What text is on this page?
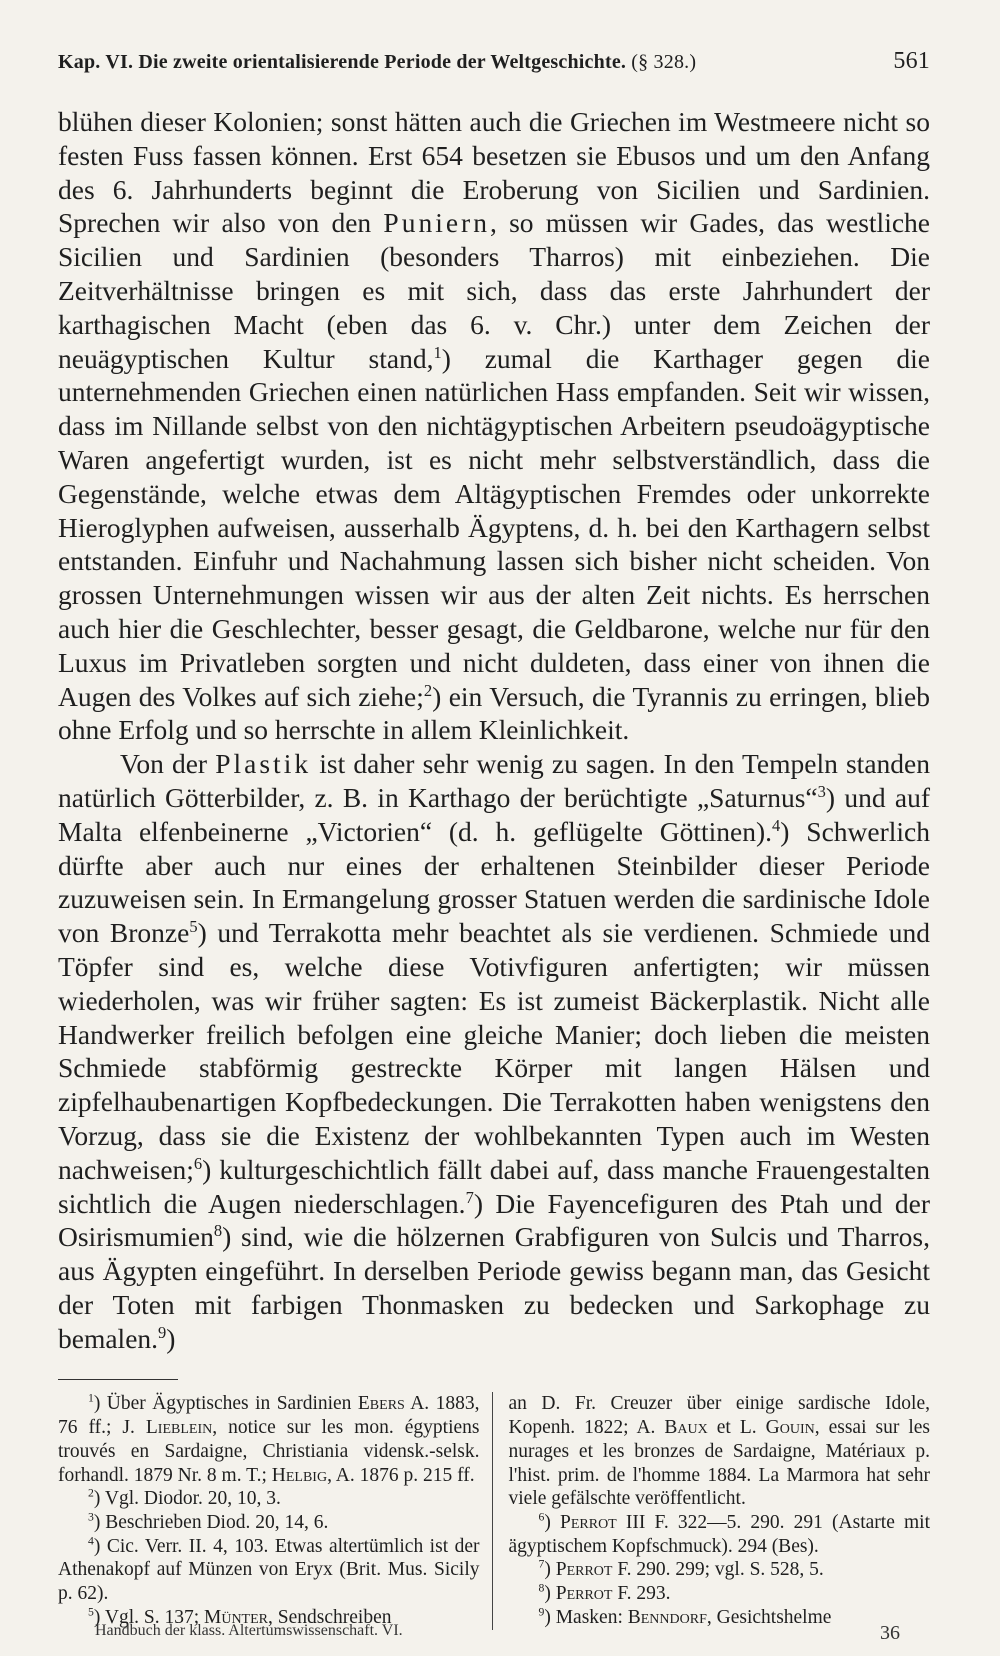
Kap. VI. Die zweite orientalisierende Periode der Weltgeschichte. (§ 328.)	561

blühen dieser Kolonien; sonst hätten auch die Griechen im Westmeere nicht so festen Fuss fassen können. Erst 654 besetzen sie Ebusos und um den Anfang des 6. Jahrhunderts beginnt die Eroberung von Sicilien und Sardinien. Sprechen wir also von den Puniern, so müssen wir Gades, das westliche Sicilien und Sardinien (besonders Tharros) mit einbeziehen. Die Zeitverhältnisse bringen es mit sich, dass das erste Jahrhundert der karthagischen Macht (eben das 6. v. Chr.) unter dem Zeichen der neuägyptischen Kultur stand,$^1$) zumal die Karthager gegen die unternehmenden Griechen einen natürlichen Hass empfanden. Seit wir wissen, dass im Nillande selbst von den nichtägyptischen Arbeitern pseudoägyptische Waren angefertigt wurden, ist es nicht mehr selbstverständlich, dass die Gegenstände, welche etwas dem Altägyptischen Fremdes oder unkorrekte Hieroglyphen aufweisen, ausserhalb Ägyptens, d. h. bei den Karthagern selbst entstanden. Einfuhr und Nachahmung lassen sich bisher nicht scheiden. Von grossen Unternehmungen wissen wir aus der alten Zeit nichts. Es herrschen auch hier die Geschlechter, besser gesagt, die Geldbarone, welche nur für den Luxus im Privatleben sorgten und nicht duldeten, dass einer von ihnen die Augen des Volkes auf sich ziehe;$^2$) ein Versuch, die Tyrannis zu erringen, blieb ohne Erfolg und so herrschte in allem Kleinlichkeit.

Von der Plastik ist daher sehr wenig zu sagen. In den Tempeln standen natürlich Götterbilder, z. B. in Karthago der berüchtigte „Saturnus“$^3$) und auf Malta elfenbeinerne „Victorien“ (d. h. geflügelte Göttinen).$^4$) Schwerlich dürfte aber auch nur eines der erhaltenen Steinbilder dieser Periode zuzuweisen sein. In Ermangelung grosser Statuen werden die sardinische Idole von Bronze$^5$) und Terrakotta mehr beachtet als sie verdienen. Schmiede und Töpfer sind es, welche diese Votivfiguren anfertigten; wir müssen wiederholen, was wir früher sagten: Es ist zumeist Bäckerplastik. Nicht alle Handwerker freilich befolgen eine gleiche Manier; doch lieben die meisten Schmiede stabförmig gestreckte Körper mit langen Hälsen und zipfelhaubenartigen Kopfbedeckungen. Die Terrakotten haben wenigstens den Vorzug, dass sie die Existenz der wohlbekannten Typen auch im Westen nachweisen;$^6$) kulturgeschichtlich fällt dabei auf, dass manche Frauengestalten sichtlich die Augen niederschlagen.$^7$) Die Fayencefiguren des Ptah und der Osirismumien$^8$) sind, wie die hölzernen Grabfiguren von Sulcis und Tharros, aus Ägypten eingeführt. In derselben Periode gewiss begann man, das Gesicht der Toten mit farbigen Thonmasken zu bedecken und Sarkophage zu bemalen.$^9$)

$^1$) Über Ägyptisches in Sardinien Ebers A. 1883, 76 ff.; J. Lieblein, notice sur les mon. égyptiens trouvés en Sardaigne, Christiania vidensk.-selsk. forhandl. 1879 Nr. 8 m. T.; Helbig, A. 1876 p. 215 ff.

$^2$) Vgl. Diodor. 20, 10, 3.

$^3$) Beschrieben Diod. 20, 14, 6.

$^4$) Cic. Verr. II. 4, 103. Etwas altertümlich ist der Athenakopf auf Münzen von Eryx (Brit. Mus. Sicily p. 62).

$^5$) Vgl. S. 137; Münter, Sendschreiben

an D. Fr. Creuzer über einige sardische Idole, Kopenh. 1822; A. Baux et L. Gouin, essai sur les nurages et les bronzes de Sardaigne, Matériaux p. l'hist. prim. de l'homme 1884. La Marmora hat sehr viele gefälschte veröffentlicht.

$^6$) Perrot III F. 322—5. 290. 291 (Astarte mit ägyptischem Kopfschmuck). 294 (Bes).

$^7$) Perrot F. 290. 299; vgl. S. 528, 5.

$^8$) Perrot F. 293.

$^9$) Masken: Benndorf, Gesichtshelme

Handbuch der klass. Altertumswissenschaft. VI.	36
